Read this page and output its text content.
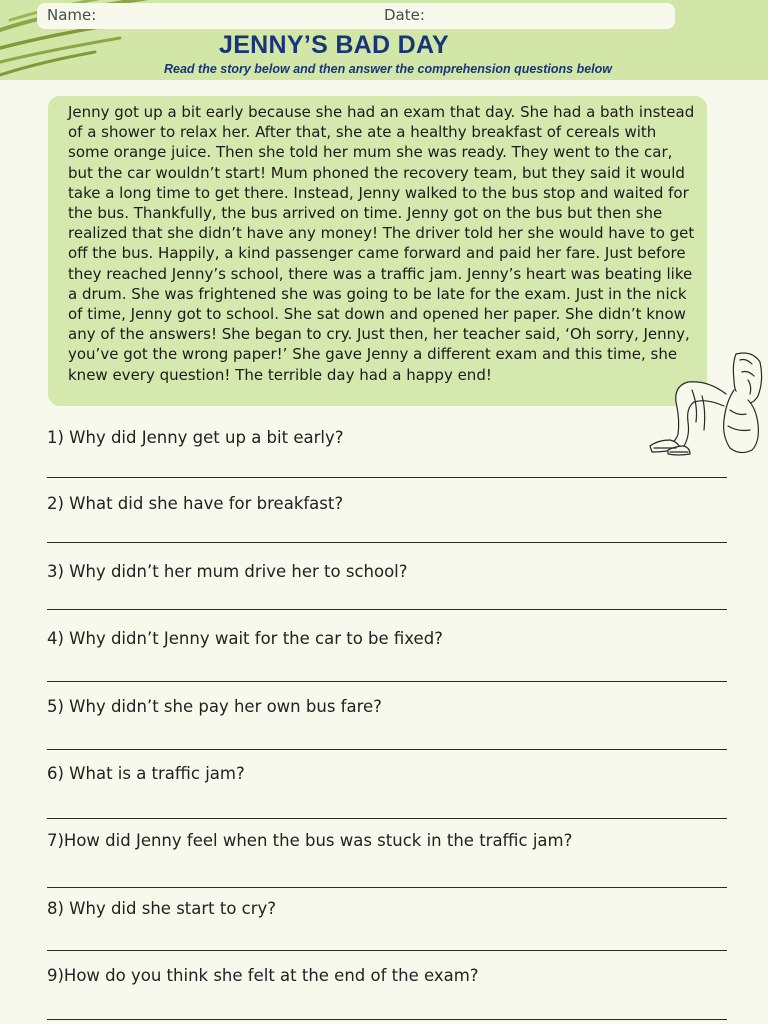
Name:	Date:
JENNY’S BAD DAY
Read the story below and then answer the comprehension questions below
Jenny got up a bit early because she had an exam that day. She had a bath instead of a shower to relax her. After that, she ate a healthy breakfast of cereals with some orange juice. Then she told her mum she was ready. They went to the car, but the car wouldn’t start! Mum phoned the recovery team, but they said it would take a long time to get there. Instead, Jenny walked to the bus stop and waited for the bus. Thankfully, the bus arrived on time. Jenny got on the bus but then she realized that she didn’t have any money! The driver told her she would have to get off the bus. Happily, a kind passenger came forward and paid her fare. Just before they reached Jenny’s school, there was a traffic jam. Jenny’s heart was beating like a drum. She was frightened she was going to be late for the exam. Just in the nick of time, Jenny got to school. She sat down and opened her paper. She didn’t know any of the answers! She began to cry. Just then, her teacher said, ‘Oh sorry, Jenny, you’ve got the wrong paper!’ She gave Jenny a different exam and this time, she knew every question! The terrible day had a happy end!
1) Why did Jenny get up a bit early?
2) What did she have for breakfast?
3) Why didn’t her mum drive her to school?
4) Why didn’t Jenny wait for the car to be fixed?
5) Why didn’t she pay her own bus fare?
6) What is a traffic jam?
7)How did Jenny feel when the bus was stuck in the traffic jam?
8) Why did she start to cry?
9)How do you think she felt at the end of the exam?
